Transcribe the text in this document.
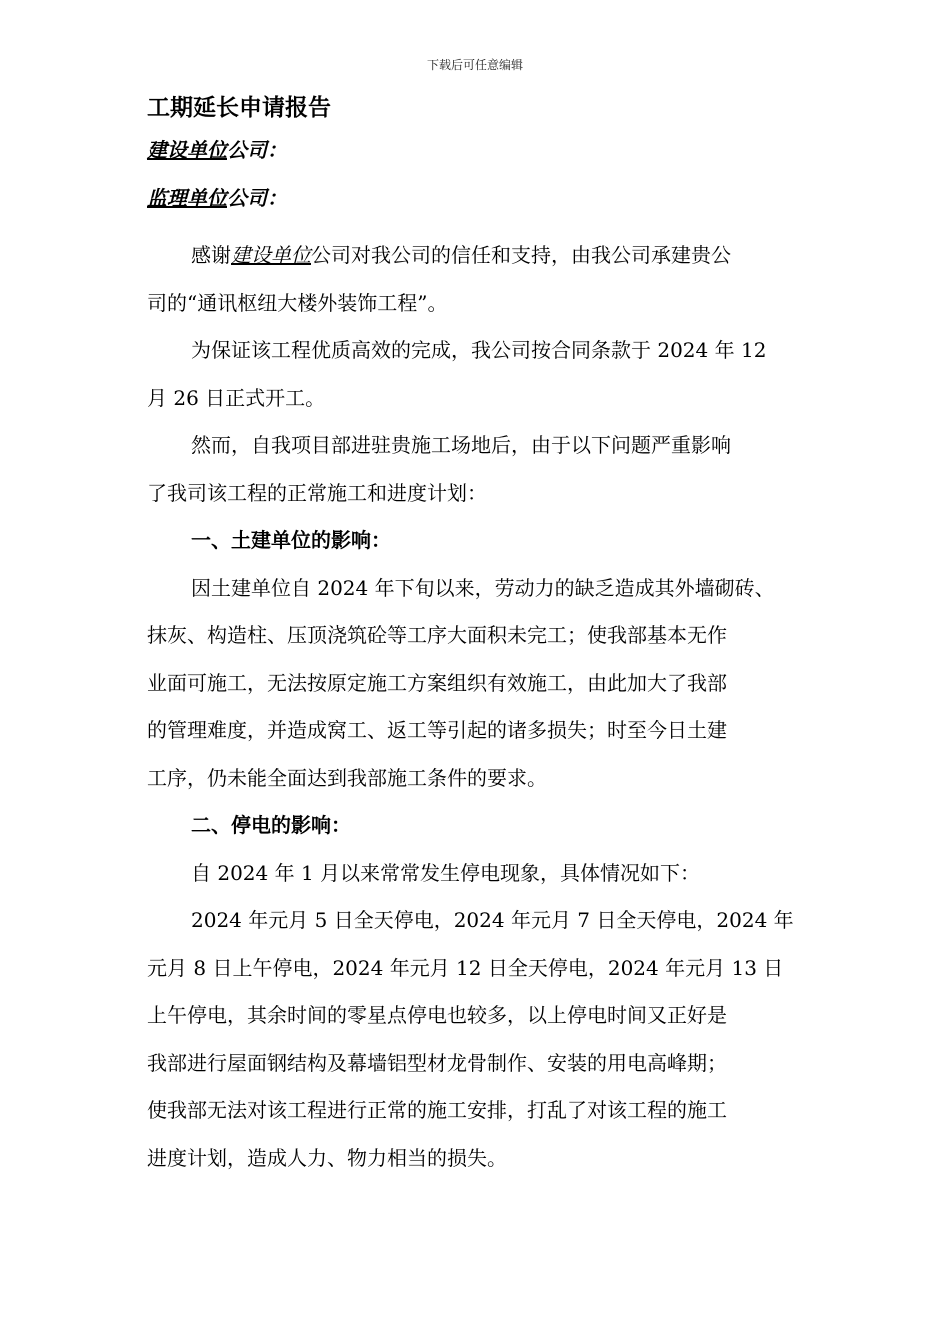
下载后可任意编辑
工期延长申请报告
建设单位公司：
监理单位公司：

感谢建设单位公司对我公司的信任和支持，由我公司承建贵公
司的“通讯枢纽大楼外装饰工程”。

为保证该工程优质高效的完成，我公司按合同条款于 2024 年 12
月 26 日正式开工。

然而，自我项目部进驻贵施工场地后，由于以下问题严重影响
了我司该工程的正常施工和进度计划：

一、土建单位的影响：

因土建单位自 2024 年下旬以来，劳动力的缺乏造成其外墙砌砖、
抹灰、构造柱、压顶浇筑砼等工序大面积未完工；使我部基本无作
业面可施工，无法按原定施工方案组织有效施工，由此加大了我部
的管理难度，并造成窝工、返工等引起的诸多损失；时至今日土建
工序，仍未能全面达到我部施工条件的要求。

二、停电的影响：

自 2024 年 1 月以来常常发生停电现象，具体情况如下：

2024 年元月 5 日全天停电，2024 年元月 7 日全天停电，2024 年
元月 8 日上午停电，2024 年元月 12 日全天停电，2024 年元月 13 日
上午停电，其余时间的零星点停电也较多，以上停电时间又正好是
我部进行屋面钢结构及幕墙铝型材龙骨制作、安装的用电高峰期；
使我部无法对该工程进行正常的施工安排，打乱了对该工程的施工
进度计划，造成人力、物力相当的损失。
